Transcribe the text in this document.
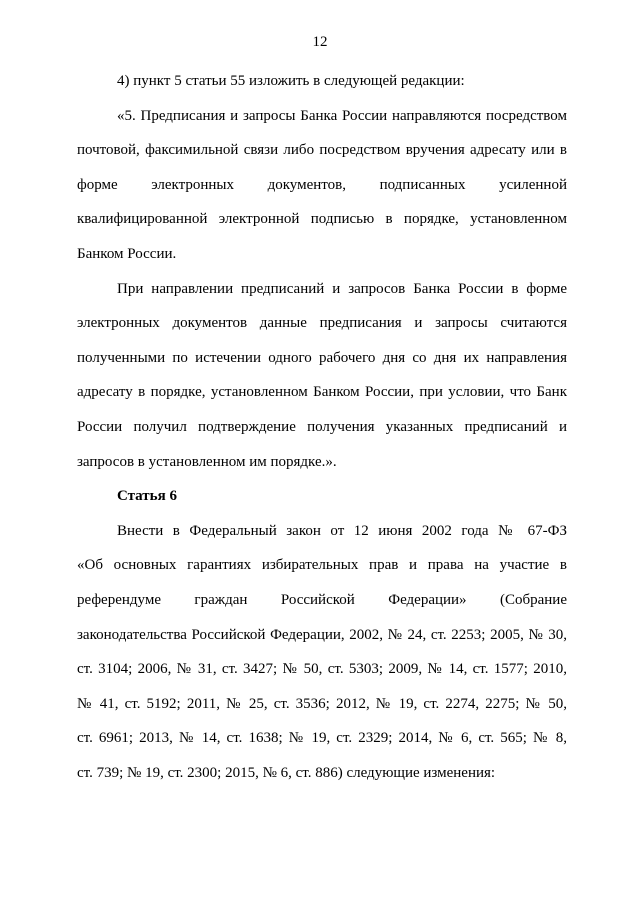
12

4) пункт 5 статьи 55 изложить в следующей редакции:

«5. Предписания и запросы Банка России направляются посредством
почтовой, факсимильной связи либо посредством вручения адресату или в
форме электронных документов, подписанных усиленной
квалифицированной электронной подписью в порядке, установленном
Банком России.

При направлении предписаний и запросов Банка России в форме
электронных документов данные предписания и запросы считаются
полученными по истечении одного рабочего дня со дня их направления
адресату в порядке, установленном Банком России, при условии, что Банк
России получил подтверждение получения указанных предписаний и
запросов в установленном им порядке.».

Статья 6

Внести в Федеральный закон от 12 июня 2002 года № 67-ФЗ
«Об основных гарантиях избирательных прав и права на участие в
референдуме граждан Российской Федерации» (Собрание
законодательства Российской Федерации, 2002, № 24, ст. 2253; 2005, № 30,
ст. 3104; 2006, № 31, ст. 3427; № 50, ст. 5303; 2009, № 14, ст. 1577; 2010,
№ 41, ст. 5192; 2011, № 25, ст. 3536; 2012, № 19, ст. 2274, 2275; № 50,
ст. 6961; 2013, № 14, ст. 1638; № 19, ст. 2329; 2014, № 6, ст. 565; № 8,
ст. 739; № 19, ст. 2300; 2015, № 6, ст. 886) следующие изменения:
